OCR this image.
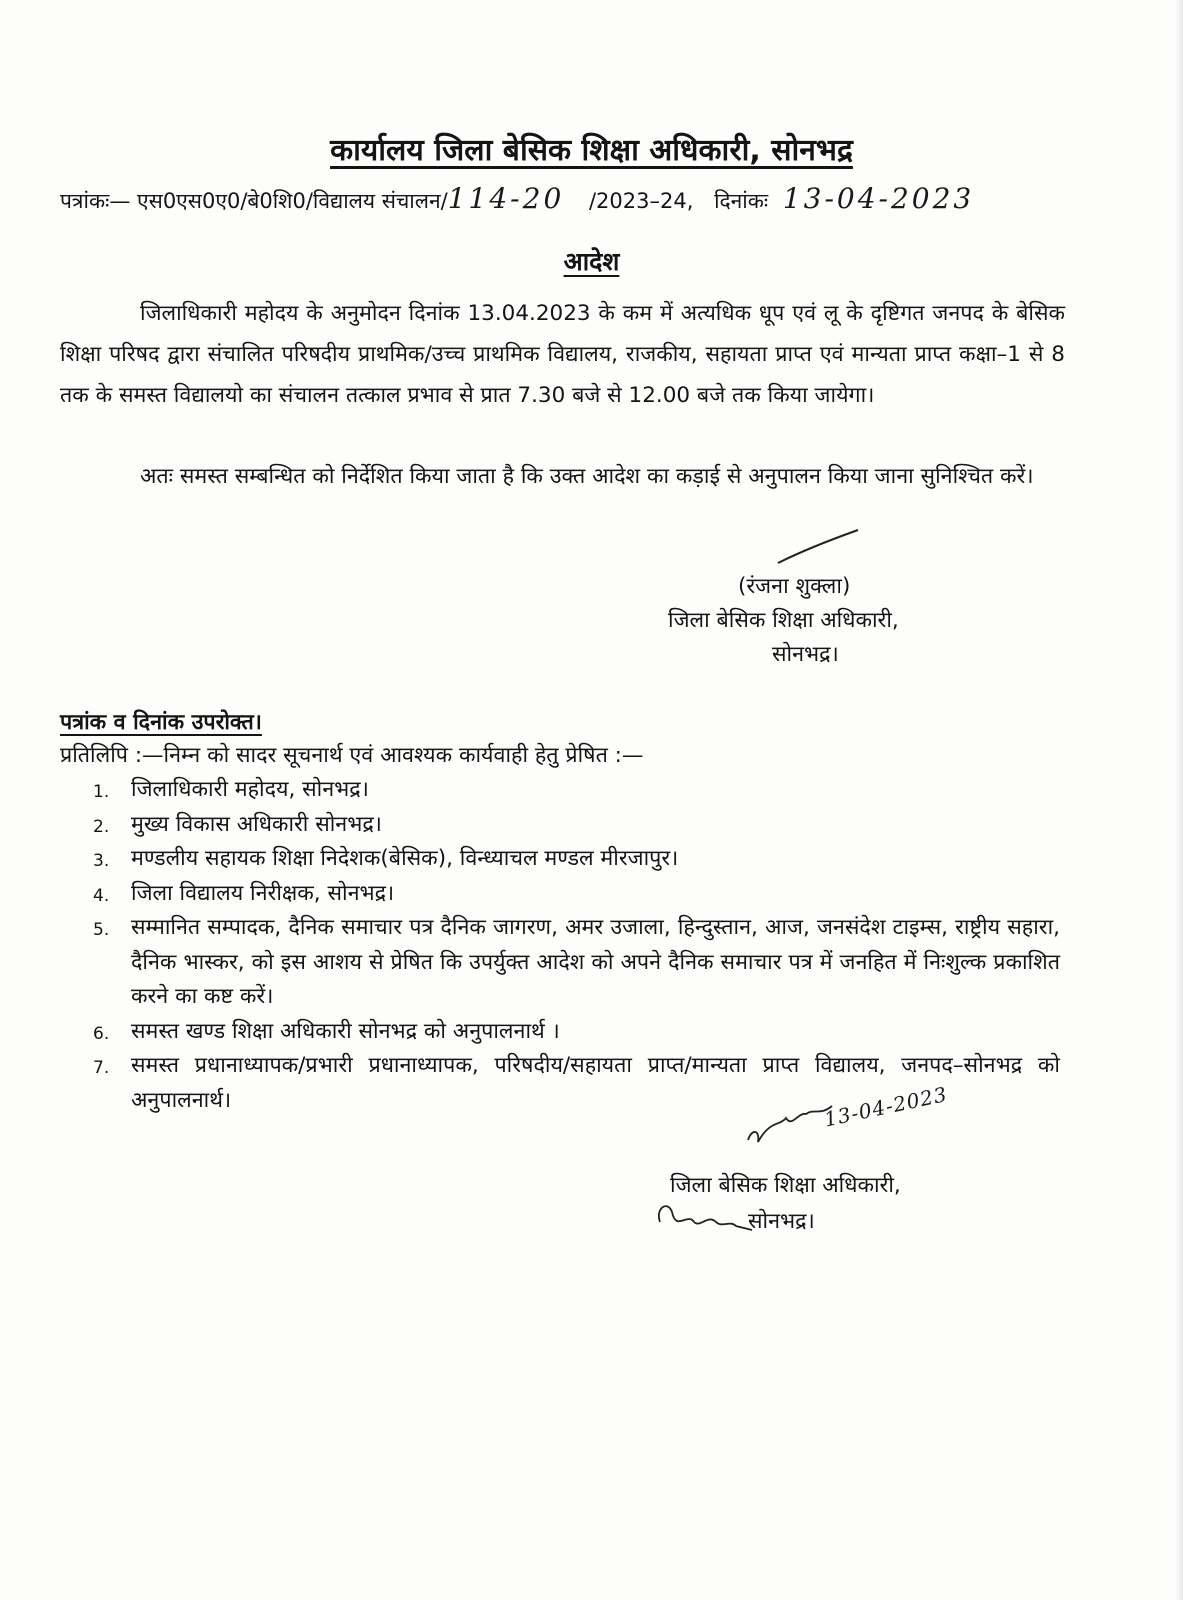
कार्यालय जिला बेसिक शिक्षा अधिकारी, सोनभद्र
पत्रांकः— एस0एस0ए0/बे0शि0/विद्यालय संचालन/114-20 /2023–24, दिनांकः 13-04-2023
आदेश
जिलाधिकारी महोदय के अनुमोदन दिनांक 13.04.2023 के कम में अत्यधिक धूप एवं लू के दृष्टिगत जनपद के बेसिक शिक्षा परिषद द्वारा संचालित परिषदीय प्राथमिक/उच्च प्राथमिक विद्यालय, राजकीय, सहायता प्राप्त एवं मान्यता प्राप्त कक्षा–1 से 8 तक के समस्त विद्यालयो का संचालन तत्काल प्रभाव से प्रात 7.30 बजे से 12.00 बजे तक किया जायेगा।
अतः समस्त सम्बन्धित को निर्देशित किया जाता है कि उक्त आदेश का कड़ाई से अनुपालन किया जाना सुनिश्चित करें।
(रंजना शुक्ला)
जिला बेसिक शिक्षा अधिकारी,
सोनभद्र।
पत्रांक व दिनांक उपरोक्त।
प्रतिलिपि :—निम्न को सादर सूचनार्थ एवं आवश्यक कार्यवाही हेतु प्रेषित :—
1. जिलाधिकारी महोदय, सोनभद्र।
2. मुख्य विकास अधिकारी सोनभद्र।
3. मण्डलीय सहायक शिक्षा निदेशक(बेसिक), विन्ध्याचल मण्डल मीरजापुर।
4. जिला विद्यालय निरीक्षक, सोनभद्र।
5. सम्मानित सम्पादक, दैनिक समाचार पत्र दैनिक जागरण, अमर उजाला, हिन्दुस्तान, आज, जनसंदेश टाइम्स, राष्ट्रीय सहारा, दैनिक भास्कर, को इस आशय से प्रेषित कि उपर्युक्त आदेश को अपने दैनिक समाचार पत्र में जनहित में निःशुल्क प्रकाशित करने का कष्ट करें।
6. समस्त खण्ड शिक्षा अधिकारी सोनभद्र को अनुपालनार्थ ।
7. समस्त प्रधानाध्यापक/प्रभारी प्रधानाध्यापक, परिषदीय/सहायता प्राप्त/मान्यता प्राप्त विद्यालय, जनपद–सोनभद्र को अनुपालनार्थ।	13-04-2023
जिला बेसिक शिक्षा अधिकारी,
सोनभद्र।
